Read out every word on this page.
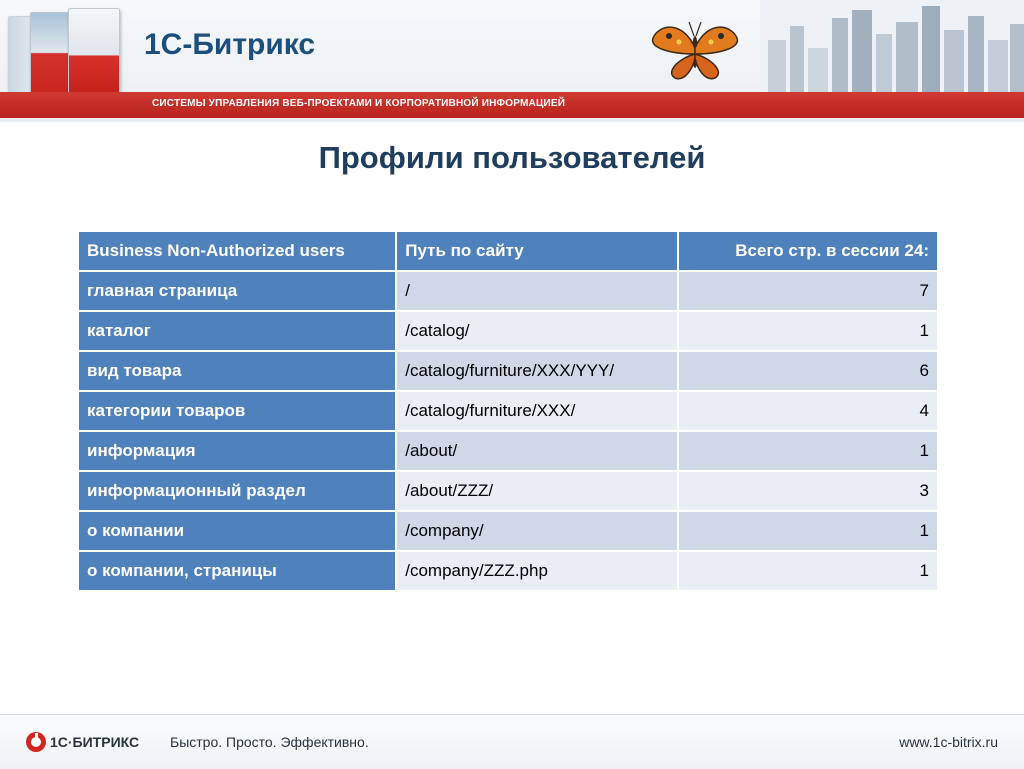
1С-Битрикс
СИСТЕМЫ УПРАВЛЕНИЯ ВЕБ-ПРОЕКТАМИ И КОРПОРАТИВНОЙ ИНФОРМАЦИЕЙ
Профили пользователей
Business Non-Authorized users	Путь по сайту	Всего стр. в сессии 24:
главная страница	/	7
каталог	/catalog/	1
вид товара	/catalog/furniture/XXX/YYY/	6
категории товаров	/catalog/furniture/XXX/	4
информация	/about/	1
информационный раздел	/about/ZZZ/	3
о компании	/company/	1
о компании, страницы	/company/ZZZ.php	1
1С·БИТРИКС Быстро. Просто. Эффективно.	www.1c-bitrix.ru
